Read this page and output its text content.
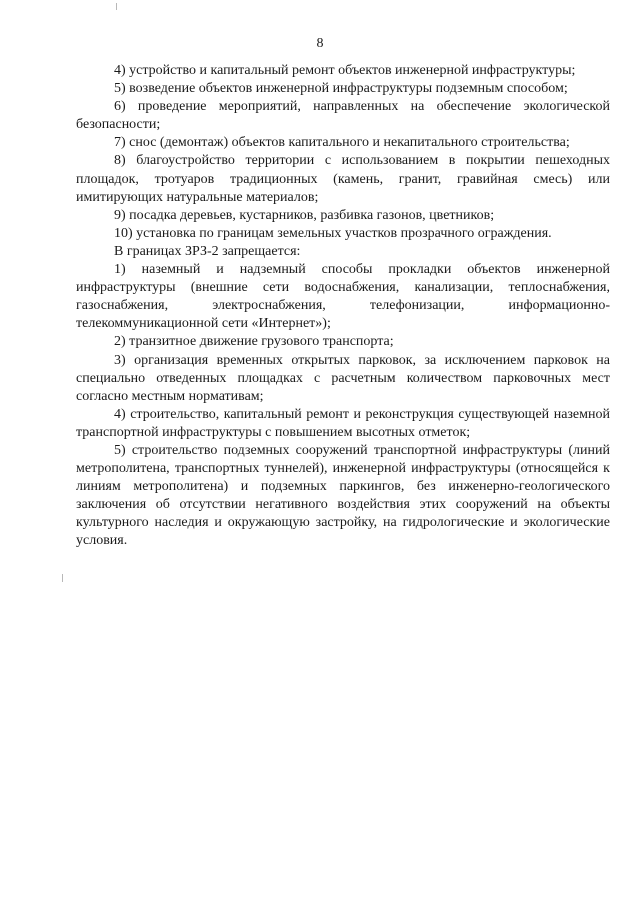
8

4) устройство и капитальный ремонт объектов инженерной инфраструктуры;

5) возведение объектов инженерной инфраструктуры подземным способом;

6) проведение мероприятий, направленных на обеспечение экологической безопасности;

7) снос (демонтаж) объектов капитального и некапитального строительства;

8) благоустройство территории с использованием в покрытии пешеходных площадок, тротуаров традиционных (камень, гранит, гравийная смесь) или имитирующих натуральные материалов;

9) посадка деревьев, кустарников, разбивка газонов, цветников;

10) установка по границам земельных участков прозрачного ограждения.

В границах ЗРЗ-2 запрещается:

1) наземный и надземный способы прокладки объектов инженерной инфраструктуры (внешние сети водоснабжения, канализации, теплоснабжения, газоснабжения, электроснабжения, телефонизации, информационно-телекоммуникационной сети «Интернет»);

2) транзитное движение грузового транспорта;

3) организация временных открытых парковок, за исключением парковок на специально отведенных площадках с расчетным количеством парковочных мест согласно местным нормативам;

4) строительство, капитальный ремонт и реконструкция существующей наземной транспортной инфраструктуры с повышением высотных отметок;

5) строительство подземных сооружений транспортной инфраструктуры (линий метрополитена, транспортных туннелей), инженерной инфраструктуры (относящейся к линиям метрополитена) и подземных паркингов, без инженерно-геологического заключения об отсутствии негативного воздействия этих сооружений на объекты культурного наследия и окружающую застройку, на гидрологические и экологические условия.
